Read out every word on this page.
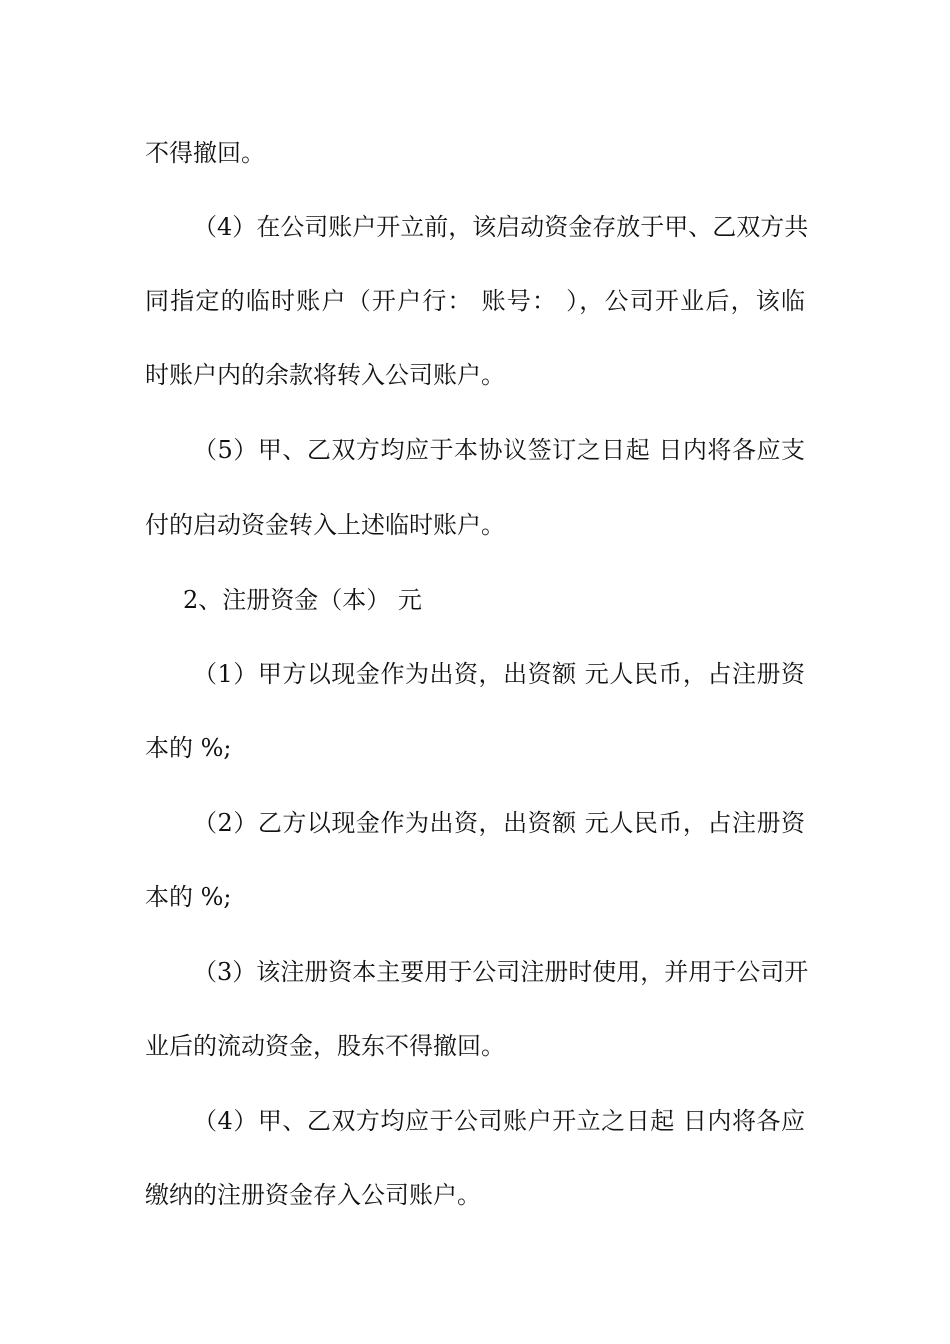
不得撤回。
（4）在公司账户开立前，该启动资金存放于甲、乙双方共
同指定的临时账户（开户行： 账号： ），公司开业后，该临
时账户内的余款将转入公司账户。
（5）甲、乙双方均应于本协议签订之日起 日内将各应支
付的启动资金转入上述临时账户。
2、注册资金（本） 元
（1）甲方以现金作为出资，出资额 元人民币，占注册资
本的 %;
（2）乙方以现金作为出资，出资额 元人民币，占注册资
本的 %;
（3）该注册资本主要用于公司注册时使用，并用于公司开
业后的流动资金，股东不得撤回。
（4）甲、乙双方均应于公司账户开立之日起 日内将各应
缴纳的注册资金存入公司账户。
